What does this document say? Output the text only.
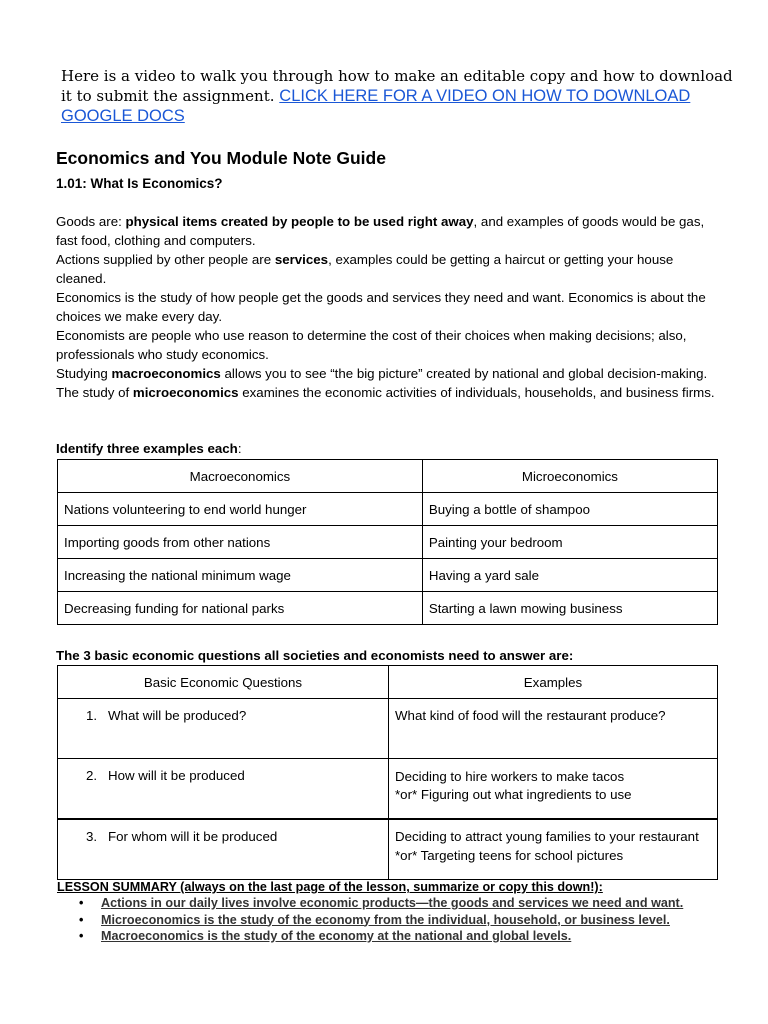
Here is a video to walk you through how to make an editable copy and how to download it to submit the assignment. CLICK HERE FOR A VIDEO ON HOW TO DOWNLOAD GOOGLE DOCS
Economics and You Module Note Guide
1.01: What Is Economics?

Goods are: physical items created by people to be used right away, and examples of goods would be gas, fast food, clothing and computers.

Actions supplied by other people are services, examples could be getting a haircut or getting your house cleaned.

Economics is the study of how people get the goods and services they need and want. Economics is about the choices we make every day.

Economists are people who use reason to determine the cost of their choices when making decisions; also, professionals who study economics.

Studying macroeconomics allows you to see “the big picture” created by national and global decision-making.

The study of microeconomics examines the economic activities of individuals, households, and business firms.

Identify three examples each:
Macroeconomics	Microeconomics
Nations volunteering to end world hunger	Buying a bottle of shampoo
Importing goods from other nations	Painting your bedroom
Increasing the national minimum wage	Having a yard sale
Decreasing funding for national parks	Starting a lawn mowing business
The 3 basic economic questions all societies and economists need to answer are:
Basic Economic Questions	Examples
1. What will be produced?	What kind of food will the restaurant produce?
2. How will it be produced	Deciding to hire workers to make tacos
*or* Figuring out what ingredients to use
3. For whom will it be produced	Deciding to attract young families to your restaurant *or* Targeting teens for school pictures
LESSON SUMMARY (always on the last page of the lesson, summarize or copy this down!):
• Actions in our daily lives involve economic products—the goods and services we need and want.
• Microeconomics is the study of the economy from the individual, household, or business level.
• Macroeconomics is the study of the economy at the national and global levels.
